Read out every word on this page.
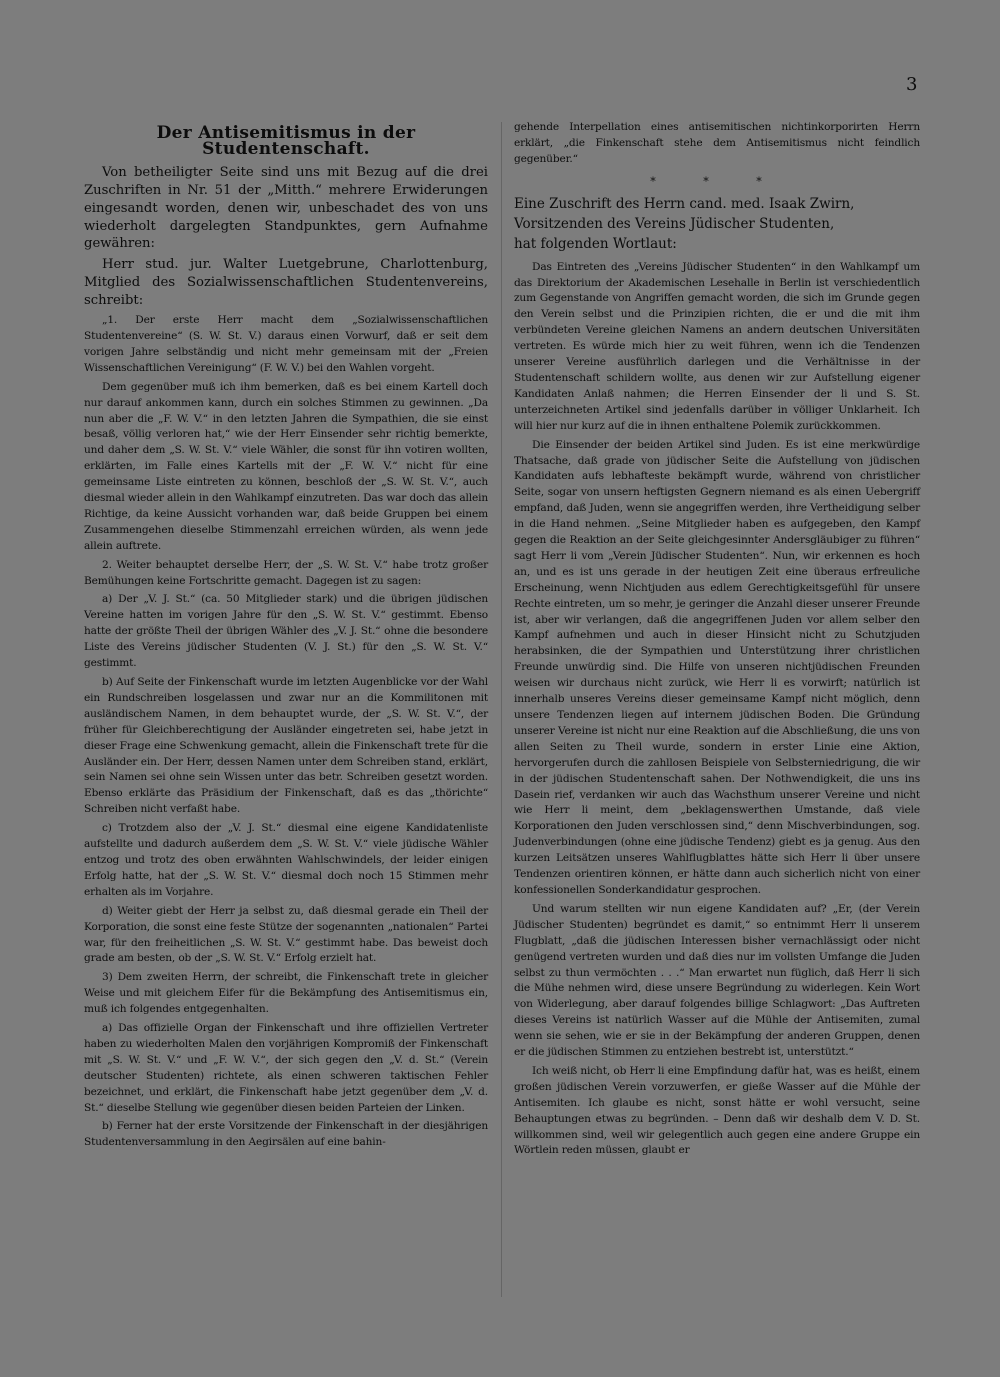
3
Der Antisemitismus in der Studentenschaft.

Von betheiligter Seite sind uns mit Bezug auf die drei Zuschriften in Nr. 51 der „Mitth.“ mehrere Erwiderungen eingesandt worden, denen wir, unbeschadet des von uns wiederholt dargelegten Standpunktes, gern Aufnahme gewähren:

Herr stud. jur. Walter Luetgebrune, Charlottenburg, Mitglied des Sozialwissenschaftlichen Studentenvereins, schreibt:

„1. Der erste Herr macht dem „Sozialwissenschaftlichen Studentenvereine“ (S. W. St. V.) daraus einen Vorwurf, daß er seit dem vorigen Jahre selbständig und nicht mehr gemeinsam mit der „Freien Wissenschaftlichen Vereinigung“ (F. W. V.) bei den Wahlen vorgeht.

Dem gegenüber muß ich ihm bemerken, daß es bei einem Kartell doch nur darauf ankommen kann, durch ein solches Stimmen zu gewinnen. „Da nun aber die „F. W. V.“ in den letzten Jahren die Sympathien, die sie einst besaß, völlig verloren hat,“ wie der Herr Einsender sehr richtig bemerkte, und daher dem „S. W. St. V.“ viele Wähler, die sonst für ihn votiren wollten, erklärten, im Falle eines Kartells mit der „F. W. V.“ nicht für eine gemeinsame Liste eintreten zu können, beschloß der „S. W. St. V.“, auch diesmal wieder allein in den Wahlkampf einzutreten. Das war doch das allein Richtige, da keine Aussicht vorhanden war, daß beide Gruppen bei einem Zusammengehen dieselbe Stimmenzahl erreichen würden, als wenn jede allein auftrete.

2. Weiter behauptet derselbe Herr, der „S. W. St. V.“ habe trotz großer Bemühungen keine Fortschritte gemacht. Dagegen ist zu sagen:

a) Der „V. J. St.“ (ca. 50 Mitglieder stark) und die übrigen jüdischen Vereine hatten im vorigen Jahre für den „S. W. St. V.“ gestimmt. Ebenso hatte der größte Theil der übrigen Wähler des „V. J. St.“ ohne die besondere Liste des Vereins jüdischer Studenten (V. J. St.) für den „S. W. St. V.“ gestimmt.

b) Auf Seite der Finkenschaft wurde im letzten Augenblicke vor der Wahl ein Rundschreiben losgelassen und zwar nur an die Kommilitonen mit ausländischem Namen, in dem behauptet wurde, der „S. W. St. V.“, der früher für Gleichberechtigung der Ausländer eingetreten sei, habe jetzt in dieser Frage eine Schwenkung gemacht, allein die Finkenschaft trete für die Ausländer ein. Der Herr, dessen Namen unter dem Schreiben stand, erklärt, sein Namen sei ohne sein Wissen unter das betr. Schreiben gesetzt worden. Ebenso erklärte das Präsidium der Finkenschaft, daß es das „thörichte“ Schreiben nicht verfaßt habe.

c) Trotzdem also der „V. J. St.“ diesmal eine eigene Kandidatenliste aufstellte und dadurch außerdem dem „S. W. St. V.“ viele jüdische Wähler entzog und trotz des oben erwähnten Wahlschwindels, der leider einigen Erfolg hatte, hat der „S. W. St. V.“ diesmal doch noch 15 Stimmen mehr erhalten als im Vorjahre.

d) Weiter giebt der Herr ja selbst zu, daß diesmal gerade ein Theil der Korporation, die sonst eine feste Stütze der sogenannten „nationalen“ Partei war, für den freiheitlichen „S. W. St. V.“ gestimmt habe. Das beweist doch grade am besten, ob der „S. W. St. V.“ Erfolg erzielt hat.

3) Dem zweiten Herrn, der schreibt, die Finkenschaft trete in gleicher Weise und mit gleichem Eifer für die Bekämpfung des Antisemitismus ein, muß ich folgendes entgegenhalten.

a) Das offizielle Organ der Finkenschaft und ihre offiziellen Vertreter haben zu wiederholten Malen den vorjährigen Kompromiß der Finkenschaft mit „S. W. St. V.“ und „F. W. V.“, der sich gegen den „V. d. St.“ (Verein deutscher Studenten) richtete, als einen schweren taktischen Fehler bezeichnet, und erklärt, die Finkenschaft habe jetzt gegenüber dem „V. d. St.“ dieselbe Stellung wie gegenüber diesen beiden Parteien der Linken.

b) Ferner hat der erste Vorsitzende der Finkenschaft in der diesjährigen Studentenversammlung in den Aegirsälen auf eine bahin-

gehende Interpellation eines antisemitischen nichtinkorporirten Herrn erklärt, „die Finkenschaft stehe dem Antisemitismus nicht feindlich gegenüber.“

* * *
Eine Zuschrift des Herrn cand. med. Isaak Zwirn,
Vorsitzenden des Vereins Jüdischer Studenten,
hat folgenden Wortlaut:

Das Eintreten des „Vereins Jüdischer Studenten“ in den Wahlkampf um das Direktorium der Akademischen Lesehalle in Berlin ist verschiedentlich zum Gegenstande von Angriffen gemacht worden, die sich im Grunde gegen den Verein selbst und die Prinzipien richten, die er und die mit ihm verbündeten Vereine gleichen Namens an andern deutschen Universitäten vertreten. Es würde mich hier zu weit führen, wenn ich die Tendenzen unserer Vereine ausführlich darlegen und die Verhältnisse in der Studentenschaft schildern wollte, aus denen wir zur Aufstellung eigener Kandidaten Anlaß nahmen; die Herren Einsender der li und S. St. unterzeichneten Artikel sind jedenfalls darüber in völliger Unklarheit. Ich will hier nur kurz auf die in ihnen enthaltene Polemik zurückkommen.

Die Einsender der beiden Artikel sind Juden. Es ist eine merkwürdige Thatsache, daß grade von jüdischer Seite die Aufstellung von jüdischen Kandidaten aufs lebhafteste bekämpft wurde, während von christlicher Seite, sogar von unsern heftigsten Gegnern niemand es als einen Uebergriff empfand, daß Juden, wenn sie angegriffen werden, ihre Vertheidigung selber in die Hand nehmen. „Seine Mitglieder haben es aufgegeben, den Kampf gegen die Reaktion an der Seite gleichgesinnter Andersgläubiger zu führen“ sagt Herr li vom „Verein Jüdischer Studenten“. Nun, wir erkennen es hoch an, und es ist uns gerade in der heutigen Zeit eine überaus erfreuliche Erscheinung, wenn Nichtjuden aus edlem Gerechtigkeitsgefühl für unsere Rechte eintreten, um so mehr, je geringer die Anzahl dieser unserer Freunde ist, aber wir verlangen, daß die angegriffenen Juden vor allem selber den Kampf aufnehmen und auch in dieser Hinsicht nicht zu Schutzjuden herabsinken, die der Sympathien und Unterstützung ihrer christlichen Freunde unwürdig sind. Die Hilfe von unseren nichtjüdischen Freunden weisen wir durchaus nicht zurück, wie Herr li es vorwirft; natürlich ist innerhalb unseres Vereins dieser gemeinsame Kampf nicht möglich, denn unsere Tendenzen liegen auf internem jüdischen Boden. Die Gründung unserer Vereine ist nicht nur eine Reaktion auf die Abschließung, die uns von allen Seiten zu Theil wurde, sondern in erster Linie eine Aktion, hervorgerufen durch die zahllosen Beispiele von Selbsterniedrigung, die wir in der jüdischen Studentenschaft sahen. Der Nothwendigkeit, die uns ins Dasein rief, verdanken wir auch das Wachsthum unserer Vereine und nicht wie Herr li meint, dem „beklagenswerthen Umstande, daß viele Korporationen den Juden verschlossen sind,“ denn Mischverbindungen, sog. Judenverbindungen (ohne eine jüdische Tendenz) giebt es ja genug. Aus den kurzen Leitsätzen unseres Wahlflugblattes hätte sich Herr li über unsere Tendenzen orientiren können, er hätte dann auch sicherlich nicht von einer konfessionellen Sonderkandidatur gesprochen.

Und warum stellten wir nun eigene Kandidaten auf? „Er, (der Verein Jüdischer Studenten) begründet es damit,“ so entnimmt Herr li unserem Flugblatt, „daß die jüdischen Interessen bisher vernachlässigt oder nicht genügend vertreten wurden und daß dies nur im vollsten Umfange die Juden selbst zu thun vermöchten . . .“ Man erwartet nun füglich, daß Herr li sich die Mühe nehmen wird, diese unsere Begründung zu widerlegen. Kein Wort von Widerlegung, aber darauf folgendes billige Schlagwort: „Das Auftreten dieses Vereins ist natürlich Wasser auf die Mühle der Antisemiten, zumal wenn sie sehen, wie er sie in der Bekämpfung der anderen Gruppen, denen er die jüdischen Stimmen zu entziehen bestrebt ist, unterstützt.“

Ich weiß nicht, ob Herr li eine Empfindung dafür hat, was es heißt, einem großen jüdischen Verein vorzuwerfen, er gieße Wasser auf die Mühle der Antisemiten. Ich glaube es nicht, sonst hätte er wohl versucht, seine Behauptungen etwas zu begründen. – Denn daß wir deshalb dem V. D. St. willkommen sind, weil wir gelegentlich auch gegen eine andere Gruppe ein Wörtlein reden müssen, glaubt er
